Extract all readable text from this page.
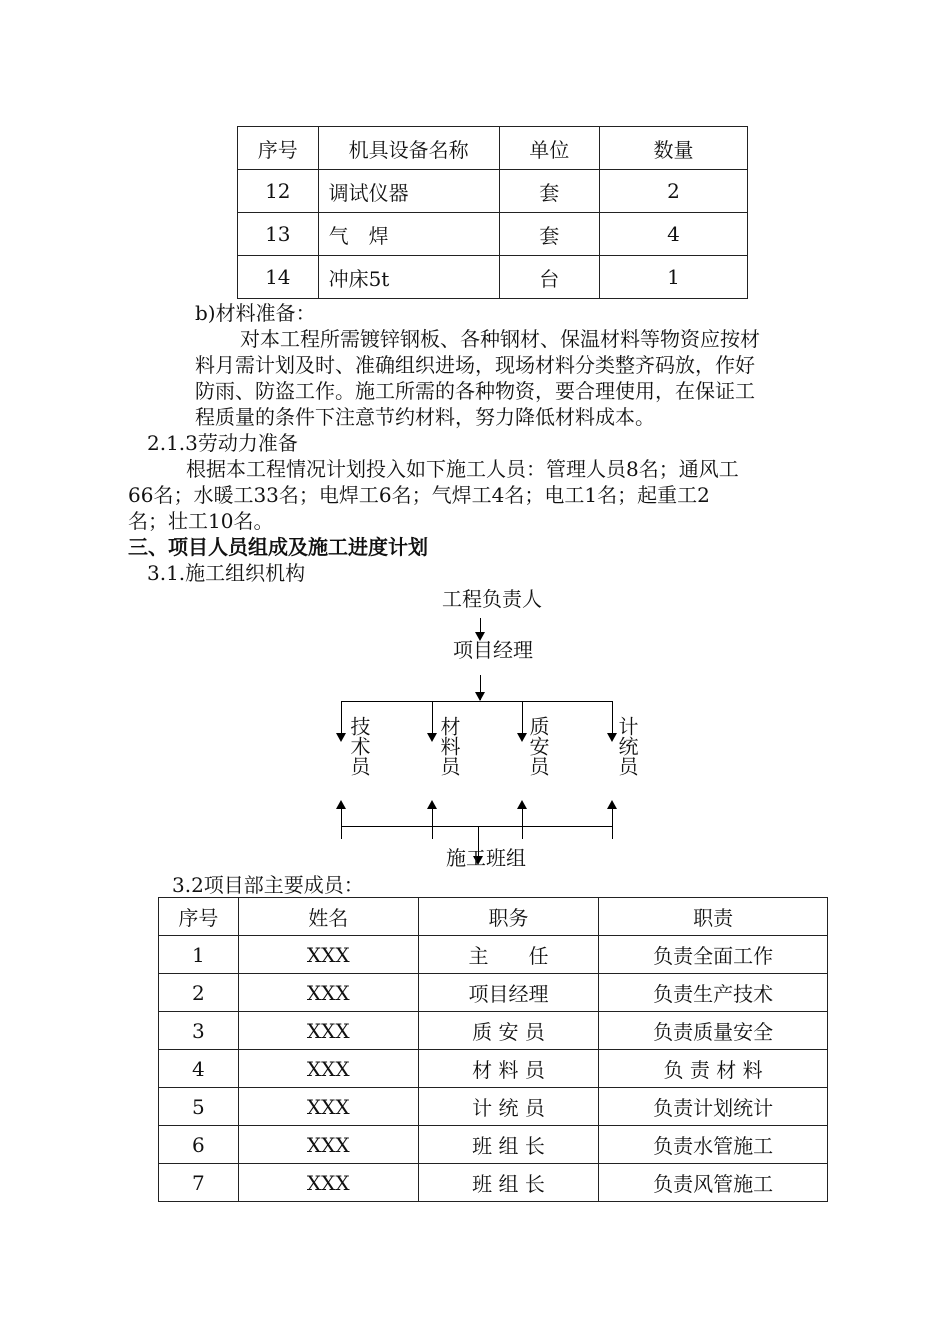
序号	机具设备名称	单位	数量
12	调试仪器	套	2
13	气　焊	套	4
14	冲床5t	台	1
b)材料准备：
对本工程所需镀锌钢板、各种钢材、保温材料等物资应按材
料月需计划及时、准确组织进场，现场材料分类整齐码放，作好
防雨、防盗工作。施工所需的各种物资，要合理使用，在保证工
程质量的条件下注意节约材料，努力降低材料成本。
2.1.3劳动力准备
根据本工程情况计划投入如下施工人员：管理人员8名；通风工
66名；水暖工33名；电焊工6名；气焊工4名；电工1名；起重工2
名；壮工10名。
三、项目人员组成及施工进度计划
3.1.施工组织机构
工程负责人
项目经理
技术员	材料员	质安员	计统员
施工班组
3.2项目部主要成员：
序号	姓名	职务	职责
1	XXX	主　　任	负责全面工作
2	XXX	项目经理	负责生产技术
3	XXX	质 安 员	负责质量安全
4	XXX	材 料 员	负 责 材 料
5	XXX	计 统 员	负责计划统计
6	XXX	班 组 长	负责水管施工
7	XXX	班 组 长	负责风管施工
